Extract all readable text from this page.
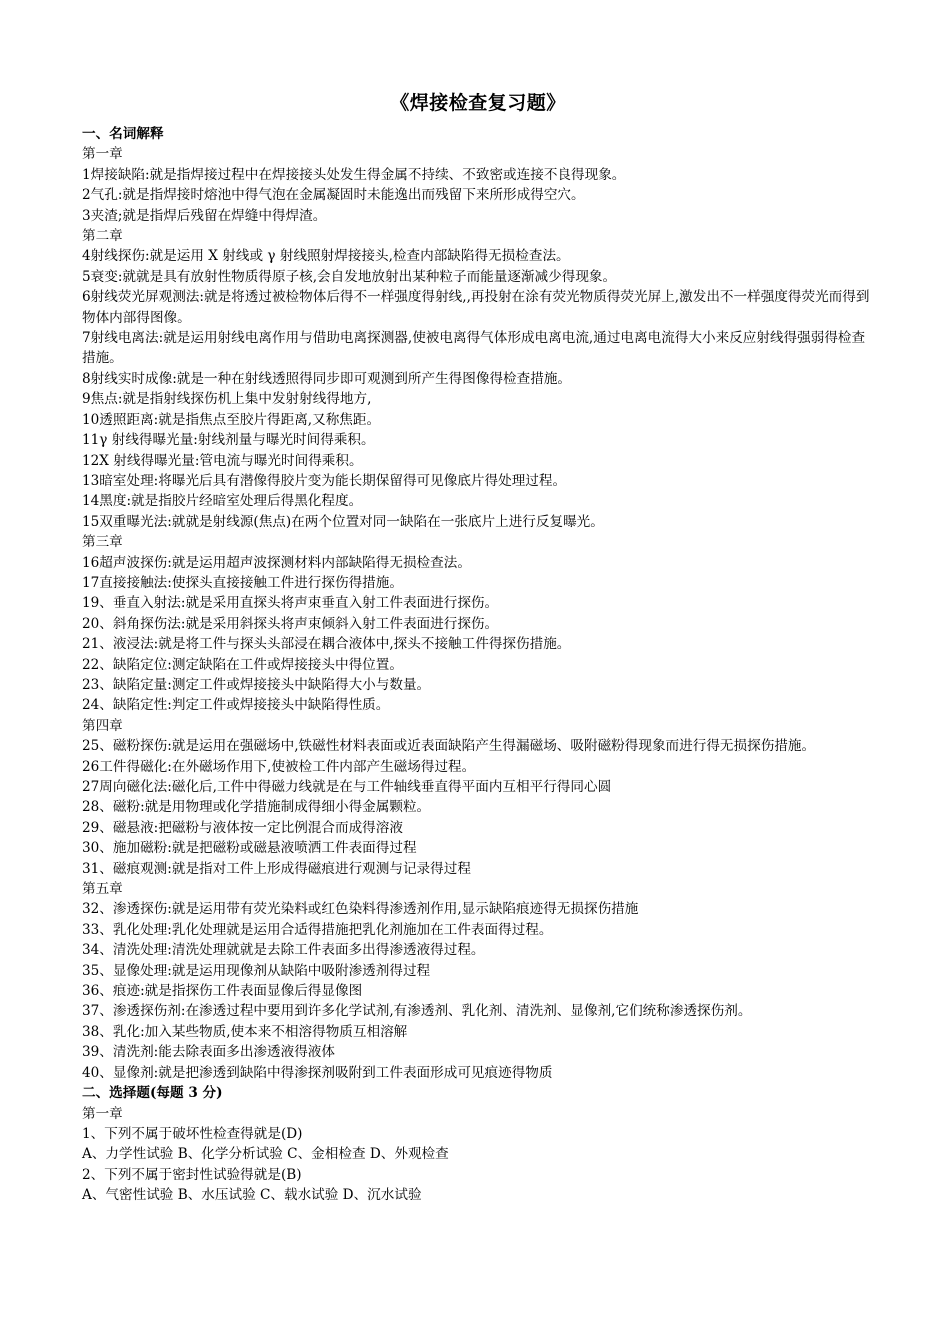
《焊接检查复习题》

一、名词解释

第一章

1焊接缺陷:就是指焊接过程中在焊接接头处发生得金属不持续、不致密或连接不良得现象。

2气孔:就是指焊接时熔池中得气泡在金属凝固时未能逸出而残留下来所形成得空穴。

3夹渣;就是指焊后残留在焊缝中得焊渣。

第二章

4射线探伤:就是运用 X 射线或 γ 射线照射焊接接头,检查内部缺陷得无损检查法。

5衰变:就就是具有放射性物质得原子核,会自发地放射出某种粒子而能量逐渐减少得现象。

6射线荧光屏观测法:就是将透过被检物体后得不一样强度得射线,,再投射在涂有荧光物质得荧光屏上,激发出不一样强度得荧光而得到物体内部得图像。

7射线电离法:就是运用射线电离作用与借助电离探测器,使被电离得气体形成电离电流,通过电离电流得大小来反应射线得强弱得检查措施。

8射线实时成像:就是一种在射线透照得同步即可观测到所产生得图像得检查措施。

9焦点:就是指射线探伤机上集中发射射线得地方,

10透照距离:就是指焦点至胶片得距离,又称焦距。

11γ 射线得曝光量:射线剂量与曝光时间得乘积。

12X 射线得曝光量:管电流与曝光时间得乘积。

13暗室处理:将曝光后具有潜像得胶片变为能长期保留得可见像底片得处理过程。

14黑度:就是指胶片经暗室处理后得黑化程度。

15双重曝光法:就就是射线源(焦点)在两个位置对同一缺陷在一张底片上进行反复曝光。

第三章

16超声波探伤:就是运用超声波探测材料内部缺陷得无损检查法。

17直接接触法:使探头直接接触工件进行探伤得措施。

19、垂直入射法:就是采用直探头将声束垂直入射工件表面进行探伤。

20、斜角探伤法:就是采用斜探头将声束倾斜入射工件表面进行探伤。

21、液浸法:就是将工件与探头头部浸在耦合液体中,探头不接触工件得探伤措施。

22、缺陷定位:测定缺陷在工件或焊接接头中得位置。

23、缺陷定量:测定工件或焊接接头中缺陷得大小与数量。

24、缺陷定性:判定工件或焊接接头中缺陷得性质。

第四章

25、磁粉探伤:就是运用在强磁场中,铁磁性材料表面或近表面缺陷产生得漏磁场、吸附磁粉得现象而进行得无损探伤措施。

26工件得磁化:在外磁场作用下,使被检工件内部产生磁场得过程。

27周向磁化法:磁化后,工件中得磁力线就是在与工件轴线垂直得平面内互相平行得同心圆

28、磁粉:就是用物理或化学措施制成得细小得金属颗粒。

29、磁悬液:把磁粉与液体按一定比例混合而成得溶液

30、施加磁粉:就是把磁粉或磁悬液喷洒工件表面得过程

31、磁痕观测:就是指对工件上形成得磁痕进行观测与记录得过程

第五章

32、渗透探伤:就是运用带有荧光染料或红色染料得渗透剂作用,显示缺陷痕迹得无损探伤措施

33、乳化处理:乳化处理就是运用合适得措施把乳化剂施加在工件表面得过程。

34、清洗处理:清洗处理就就是去除工件表面多出得渗透液得过程。

35、显像处理:就是运用现像剂从缺陷中吸附渗透剂得过程

36、痕迹:就是指探伤工件表面显像后得显像图

37、渗透探伤剂:在渗透过程中要用到许多化学试剂,有渗透剂、乳化剂、清洗剂、显像剂,它们统称渗透探伤剂。

38、乳化:加入某些物质,使本来不相溶得物质互相溶解

39、清洗剂:能去除表面多出渗透液得液体

40、显像剂:就是把渗透到缺陷中得渗探剂吸附到工件表面形成可见痕迹得物质

二、选择题(每题 3 分)

第一章

1、下列不属于破坏性检查得就是(D)

A、力学性试验 B、化学分析试验 C、金相检查 D、外观检查

2、下列不属于密封性试验得就是(B)

A、气密性试验 B、水压试验 C、载水试验 D、沉水试验
